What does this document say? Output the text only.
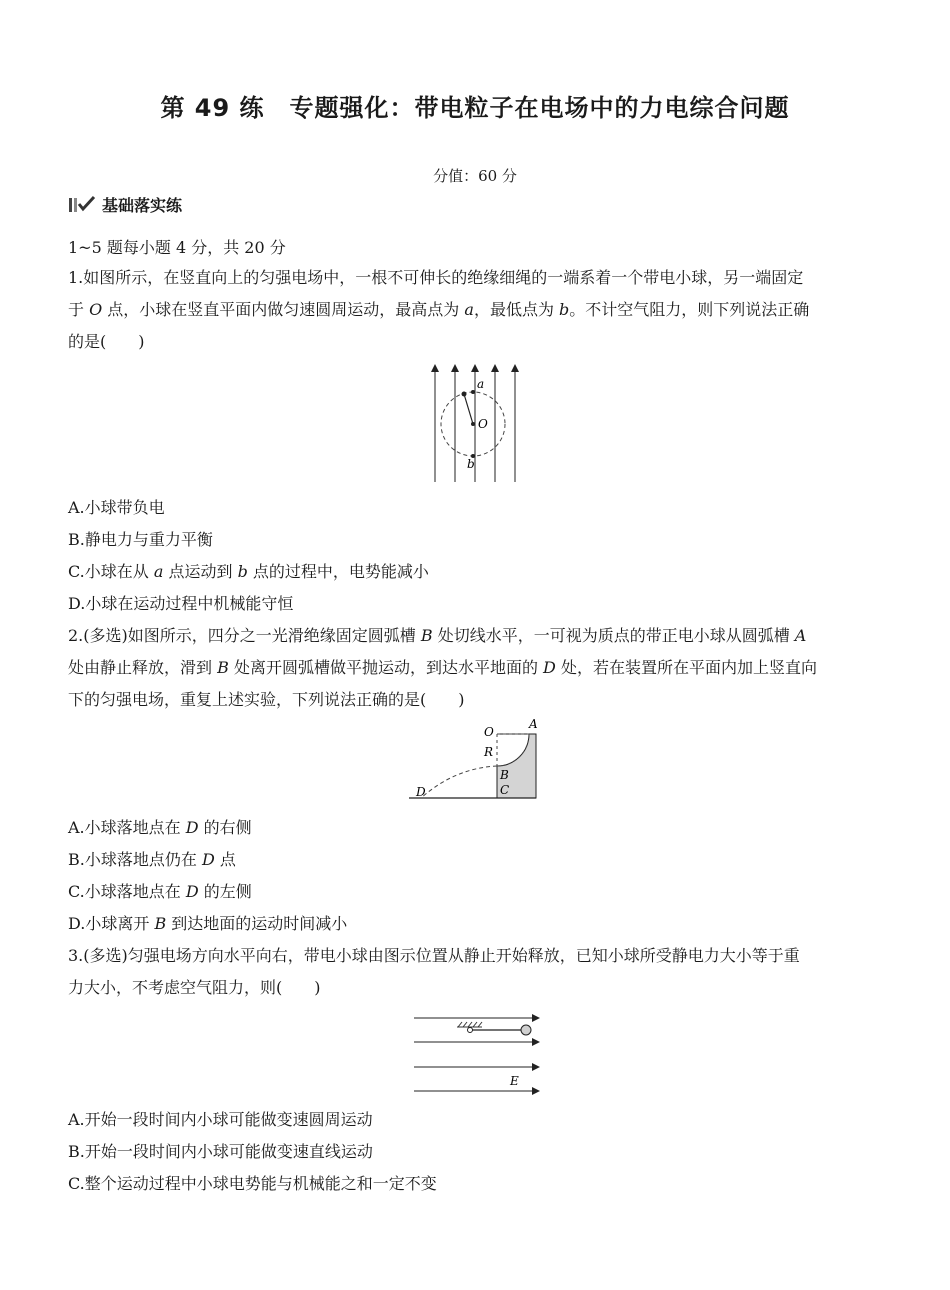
第 49 练　专题强化：带电粒子在电场中的力电综合问题
分值：60 分
基础落实练
1~5 题每小题 4 分，共 20 分
1.如图所示，在竖直向上的匀强电场中，一根不可伸长的绝缘细绳的一端系着一个带电小球，另一端固定
于 O 点，小球在竖直平面内做匀速圆周运动，最高点为 a，最低点为 b。不计空气阻力，则下列说法正确
的是(　　)
a
O
b
A.小球带负电
B.静电力与重力平衡
C.小球在从 a 点运动到 b 点的过程中，电势能减小
D.小球在运动过程中机械能守恒
2.(多选)如图所示，四分之一光滑绝缘固定圆弧槽 B 处切线水平，一可视为质点的带正电小球从圆弧槽 A
处由静止释放，滑到 B 处离开圆弧槽做平抛运动，到达水平地面的 D 处，若在装置所在平面内加上竖直向
下的匀强电场，重复上述实验，下列说法正确的是(　　)
O
A
R
B
C
D
A.小球落地点在 D 的右侧
B.小球落地点仍在 D 点
C.小球落地点在 D 的左侧
D.小球离开 B 到达地面的运动时间减小
3.(多选)匀强电场方向水平向右，带电小球由图示位置从静止开始释放，已知小球所受静电力大小等于重
力大小，不考虑空气阻力，则(　　)
E
A.开始一段时间内小球可能做变速圆周运动
B.开始一段时间内小球可能做变速直线运动
C.整个运动过程中小球电势能与机械能之和一定不变
